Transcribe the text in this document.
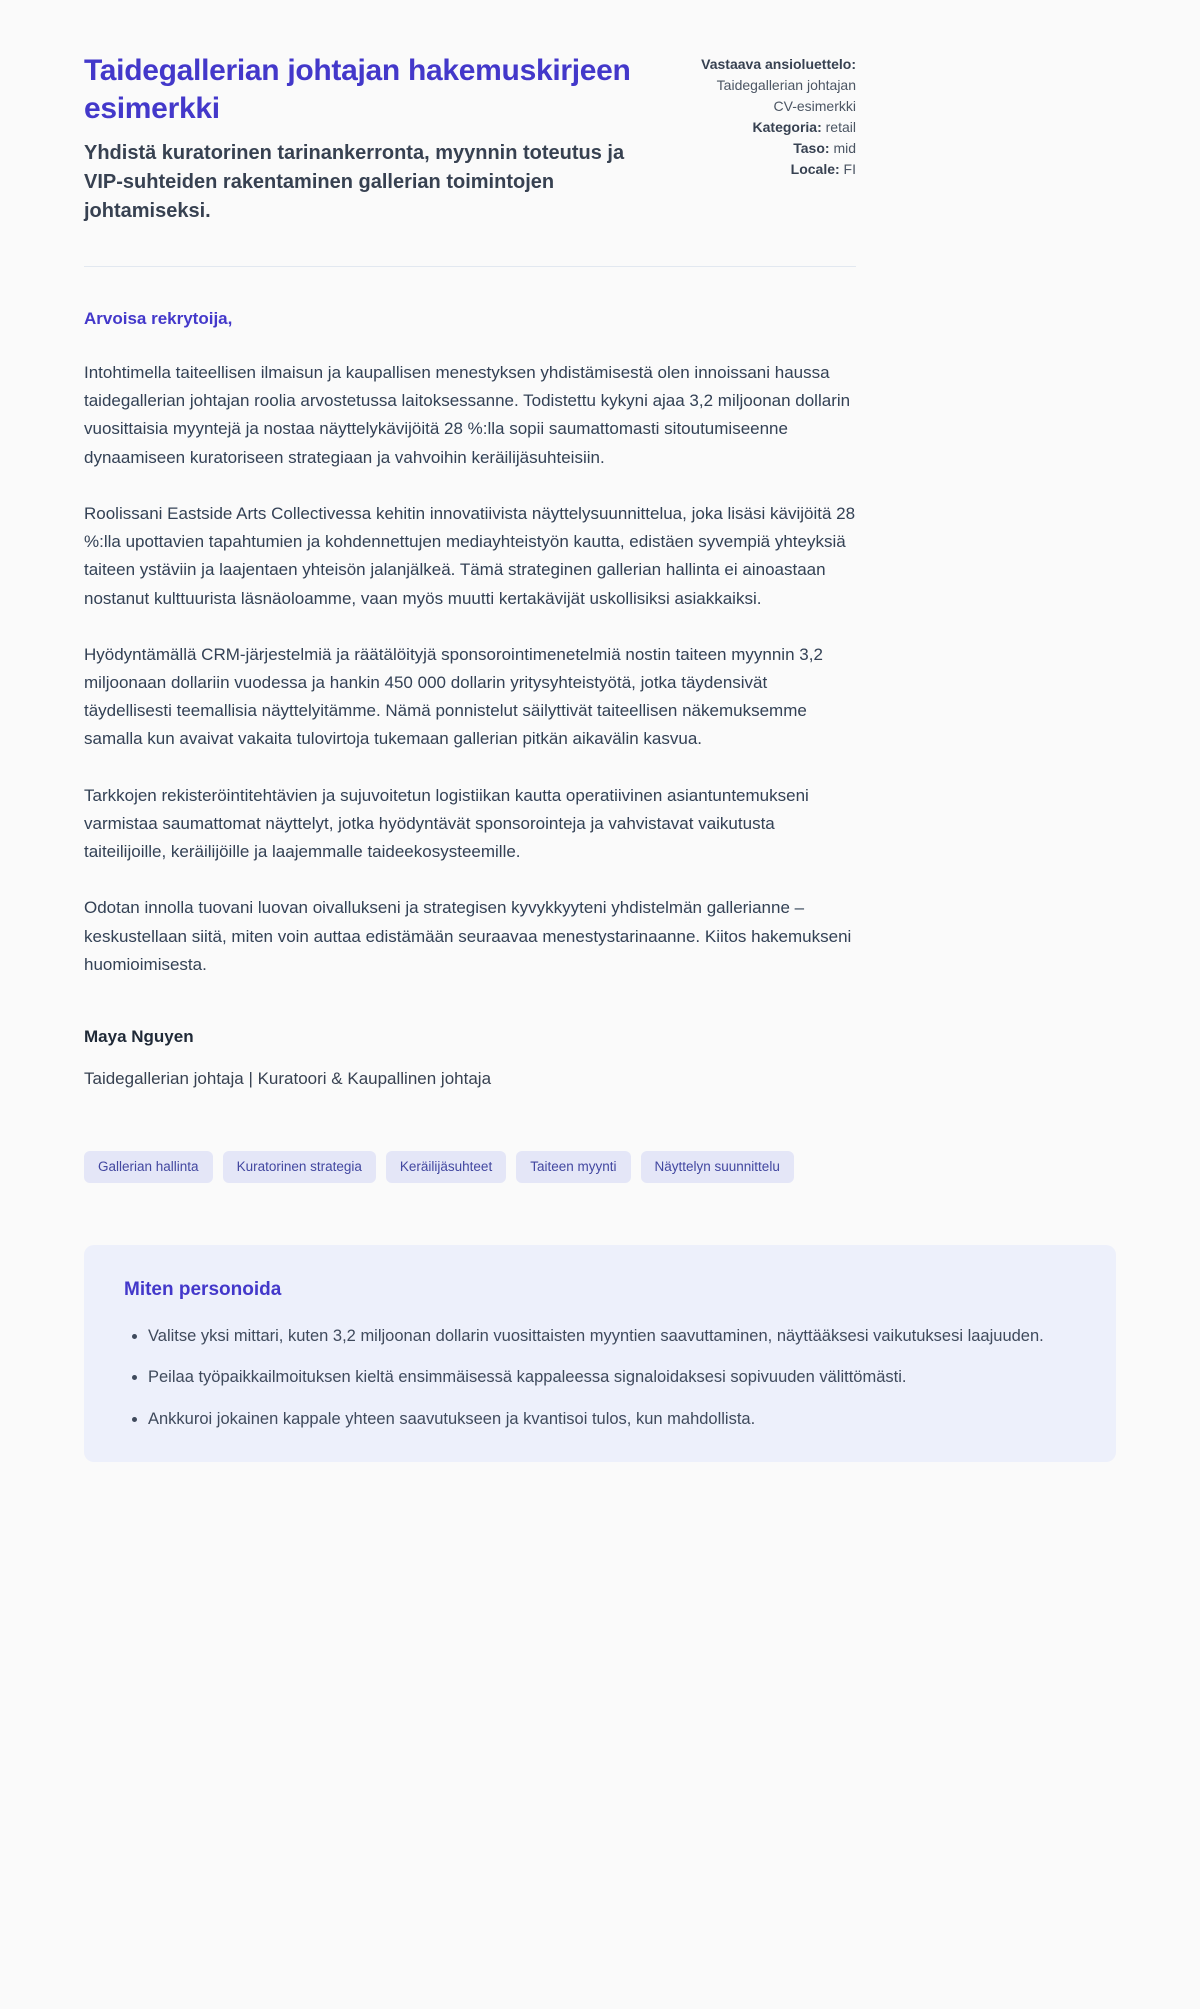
Taidegallerian johtajan hakemuskirjeen esimerkki

Yhdistä kuratorinen tarinankerronta, myynnin toteutus ja VIP-suhteiden rakentaminen gallerian toimintojen johtamiseksi.

Vastaava ansioluettelo: Taidegallerian johtajan CV-esimerkki

Kategoria: retail

Taso: mid

Locale: FI

Arvoisa rekrytoija,

Intohtimella taiteellisen ilmaisun ja kaupallisen menestyksen yhdistämisestä olen innoissani haussa taidegallerian johtajan roolia arvostetussa laitoksessanne. Todistettu kykyni ajaa 3,2 miljoonan dollarin vuosittaisia myyntejä ja nostaa näyttelykävijöitä 28 %:lla sopii saumattomasti sitoutumiseenne dynaamiseen kuratoriseen strategiaan ja vahvoihin keräilijäsuhteisiin.

Roolissani Eastside Arts Collectivessa kehitin innovatiivista näyttelysuunnittelua, joka lisäsi kävijöitä 28 %:lla upottavien tapahtumien ja kohdennettujen mediayhteistyön kautta, edistäen syvempiä yhteyksiä taiteen ystäviin ja laajentaen yhteisön jalanjälkeä. Tämä strateginen gallerian hallinta ei ainoastaan nostanut kulttuurista läsnäoloamme, vaan myös muutti kertakävijät uskollisiksi asiakkaiksi.

Hyödyntämällä CRM-järjestelmiä ja räätälöityjä sponsorointimenetelmiä nostin taiteen myynnin 3,2 miljoonaan dollariin vuodessa ja hankin 450 000 dollarin yritysyhteistyötä, jotka täydensivät täydellisesti teemallisia näyttelyitämme. Nämä ponnistelut säilyttivät taiteellisen näkemuksemme samalla kun avaivat vakaita tulovirtoja tukemaan gallerian pitkän aikavälin kasvua.

Tarkkojen rekisteröintitehtävien ja sujuvoitetun logistiikan kautta operatiivinen asiantuntemukseni varmistaa saumattomat näyttelyt, jotka hyödyntävät sponsorointeja ja vahvistavat vaikutusta taiteilijoille, keräilijöille ja laajemmalle taideekosysteemille.

Odotan innolla tuovani luovan oivallukseni ja strategisen kyvykkyyteni yhdistelmän gallerianne – keskustellaan siitä, miten voin auttaa edistämään seuraavaa menestystarinaanne. Kiitos hakemukseni huomioimisesta.

Maya Nguyen

Taidegallerian johtaja | Kuratoori & Kaupallinen johtaja

Gallerian hallinta	Kuratorinen strategia	Keräilijäsuhteet	Taiteen myynti	Näyttelyn suunnittelu
Miten personoida
• Valitse yksi mittari, kuten 3,2 miljoonan dollarin vuosittaisten myyntien saavuttaminen, näyttääksesi vaikutuksesi laajuuden.
• Peilaa työpaikkailmoituksen kieltä ensimmäisessä kappaleessa signaloidaksesi sopivuuden välittömästi.
• Ankkuroi jokainen kappale yhteen saavutukseen ja kvantisoi tulos, kun mahdollista.
